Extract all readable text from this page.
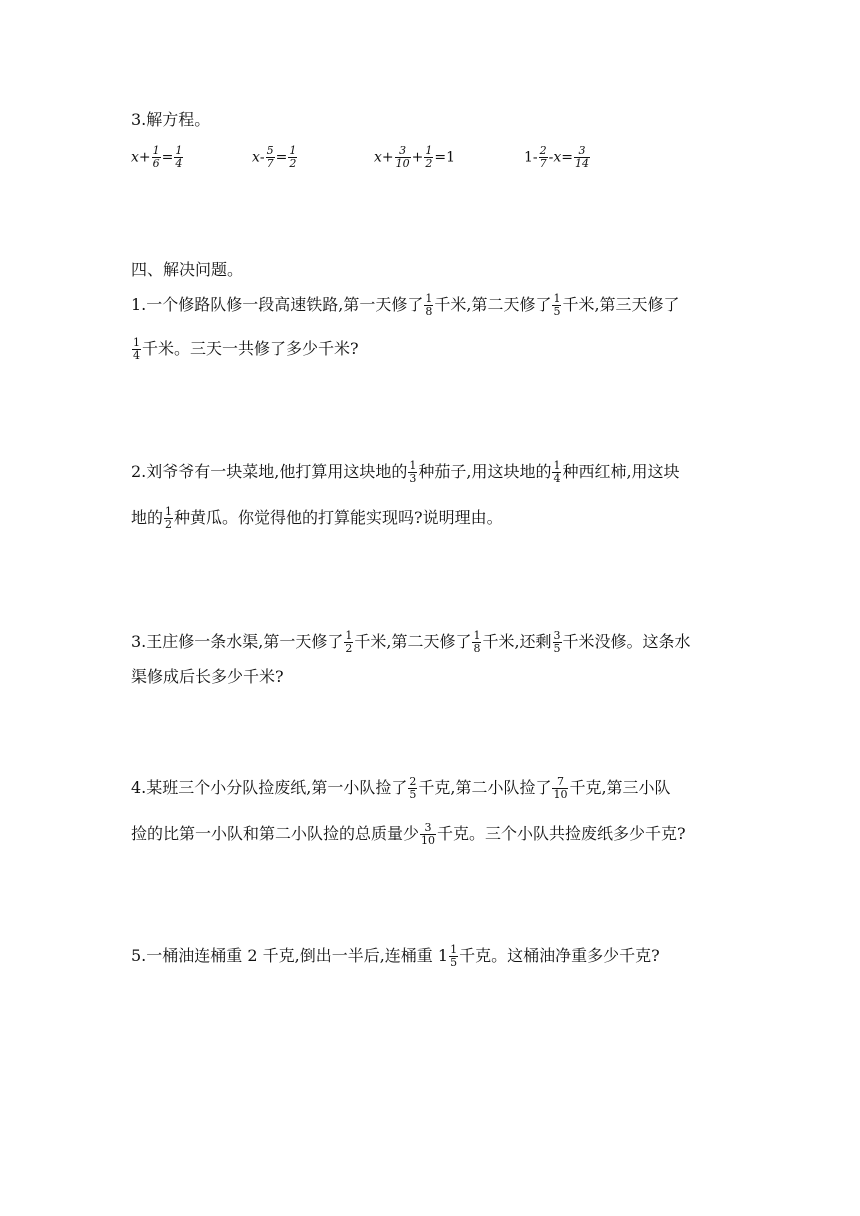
3.解方程。
$x+ \frac{1}{6} = \frac{1}{4}$	$x- \frac{5}{7} = \frac{1}{2}$	$x+ \frac{3}{10} + \frac{1}{2} =1$	$1- \frac{2}{7} -x= \frac{3}{14}$
四、解决问题。
1.一个修路队修一段高速铁路,第一天修了 $\frac{1}{8}$ 千米,第二天修了 $\frac{1}{5}$ 千米,第三天修了
$\frac{1}{4}$ 千米。三天一共修了多少千米?
2.刘爷爷有一块菜地,他打算用这块地的 $\frac{1}{3}$ 种茄子,用这块地的 $\frac{1}{4}$ 种西红柿,用这块
地的 $\frac{1}{2}$ 种黄瓜。你觉得他的打算能实现吗?说明理由。
3.王庄修一条水渠,第一天修了 $\frac{1}{2}$ 千米,第二天修了 $\frac{1}{8}$ 千米,还剩 $\frac{3}{5}$ 千米没修。这条水
渠修成后长多少千米?
4.某班三个小分队捡废纸,第一小队捡了 $\frac{2}{5}$ 千克,第二小队捡了 $\frac{7}{10}$ 千克,第三小队
捡的比第一小队和第二小队捡的总质量少 $\frac{3}{10}$ 千克。三个小队共捡废纸多少千克?
5.一桶油连桶重 2 千克,倒出一半后,连桶重 $1 \frac{1}{5}$ 千克。这桶油净重多少千克?
